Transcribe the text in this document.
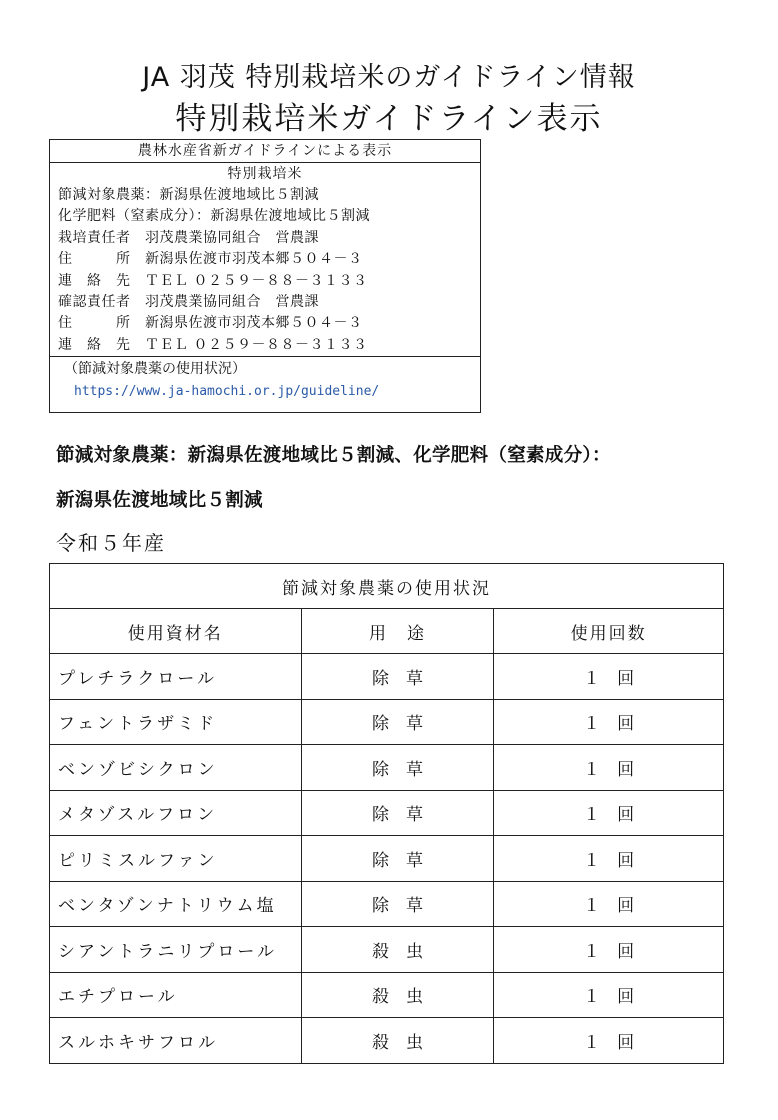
JA 羽茂 特別栽培米のガイドライン情報
特別栽培米ガイドライン表示
農林水産省新ガイドラインによる表示
特別栽培米
節減対象農薬：新潟県佐渡地域比５割減
化学肥料（窒素成分）：新潟県佐渡地域比５割減
栽培責任者　羽茂農業協同組合　営農課
住　　　所　新潟県佐渡市羽茂本郷５０４－３
連　絡　先　ＴＥＬ ０２５９－８８－３１３３
確認責任者　羽茂農業協同組合　営農課
住　　　所　新潟県佐渡市羽茂本郷５０４－３
連　絡　先　ＴＥＬ ０２５９－８８－３１３３
（節減対象農薬の使用状況）
https://www.ja-hamochi.or.jp/guideline/
節減対象農薬：新潟県佐渡地域比５割減、化学肥料（窒素成分）：
新潟県佐渡地域比５割減
令和５年産
節減対象農薬の使用状況		
使用資材名	用　途	使用回数
プレチラクロール	除　草	１　回
フェントラザミド	除　草	１　回
ベンゾビシクロン	除　草	１　回
メタゾスルフロン	除　草	１　回
ピリミスルファン	除　草	１　回
ベンタゾンナトリウム塩	除　草	１　回
シアントラニリプロール	殺　虫	１　回
エチプロール	殺　虫	１　回
スルホキサフロル	殺　虫	１　回
